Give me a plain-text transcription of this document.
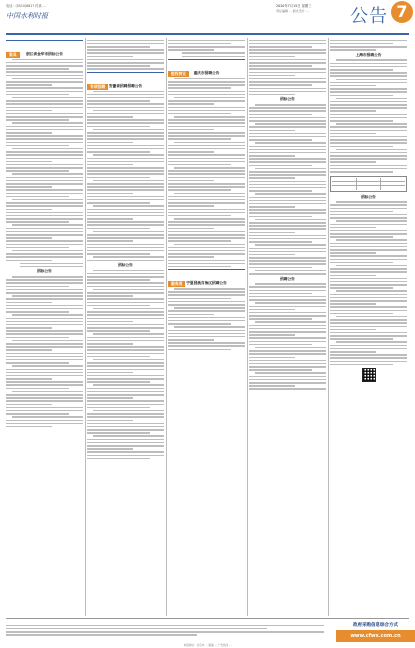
电话：(0510)6817 传真 ...
中国水利时报
2020年7月15日 星期三
责任编辑 ... 版式设计 ... 公告 7
家具	浙江省金华市招标公告
招标公告
专项招聘	安徽省招聘招聘公告
招标公告
股权转让	重庆市招聘公告
服务类	宁夏回族自治区招聘公告
招标公告
招聘公告
上海市招聘公告
招标公告
政府采购信息综合方式
www.cfwx.com.cn
本报地址：北京市 ... 邮编 ... 广告热线 ...
